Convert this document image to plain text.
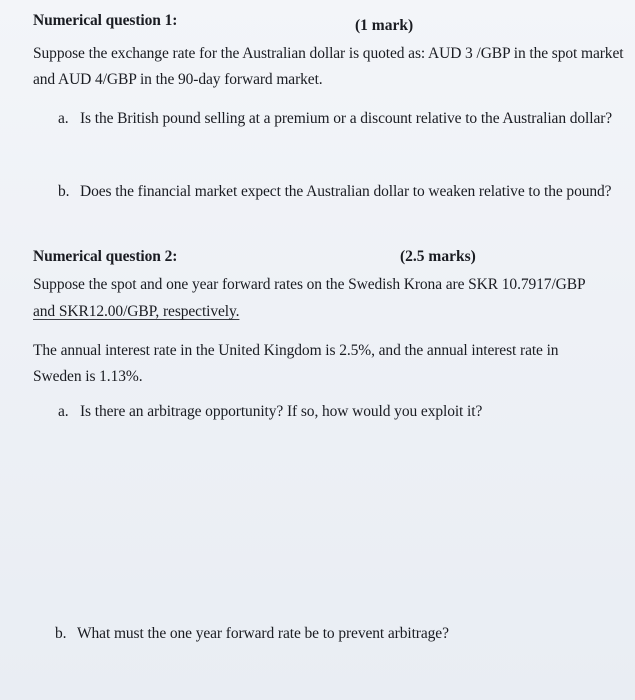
Numerical question 1:	(1 mark)
Suppose the exchange rate for the Australian dollar is quoted as: AUD 3 /GBP in the spot market
and AUD 4/GBP in the 90-day forward market.
a. Is the British pound selling at a premium or a discount relative to the Australian dollar?
b. Does the financial market expect the Australian dollar to weaken relative to the pound?
Numerical question 2:	(2.5 marks)
Suppose the spot and one year forward rates on the Swedish Krona are SKR 10.7917/GBP
and SKR12.00/GBP, respectively.
The annual interest rate in the United Kingdom is 2.5%, and the annual interest rate in
Sweden is 1.13%.
a. Is there an arbitrage opportunity? If so, how would you exploit it?
b. What must the one year forward rate be to prevent arbitrage?
